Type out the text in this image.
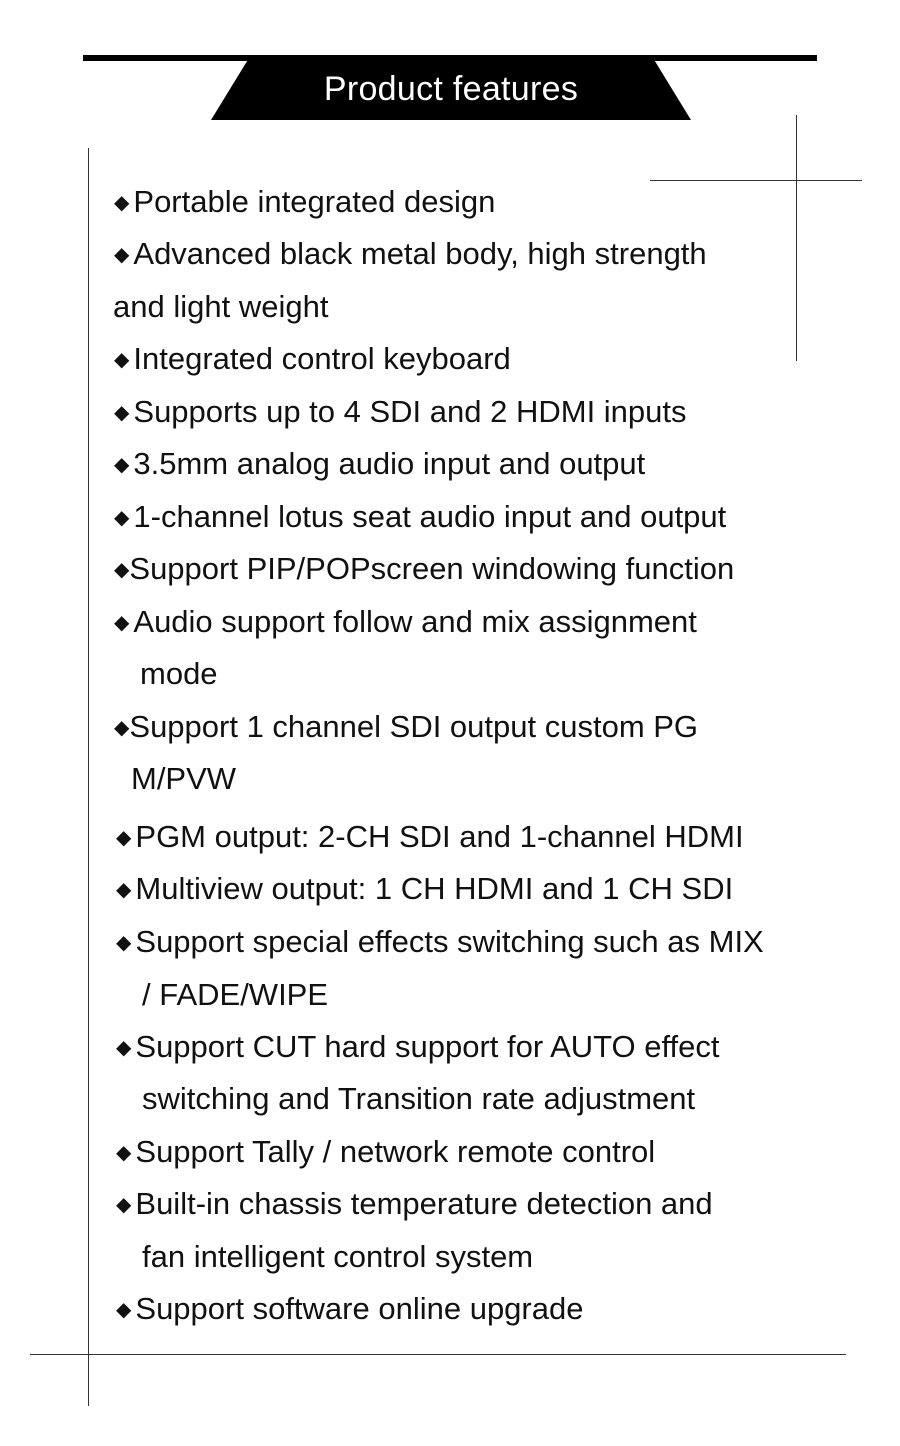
Product features
◆ Portable integrated design
◆ Advanced black metal body, high strength
and light weight
◆ Integrated control keyboard
◆ Supports up to 4 SDI and 2 HDMI inputs
◆ 3.5mm analog audio input and output
◆ 1-channel lotus seat audio input and output
◆Support PIP/POPscreen windowing function
◆ Audio support follow and mix assignment
mode
◆Support 1 channel SDI output custom PG
M/PVW
◆ PGM output: 2-CH SDI and 1-channel HDMI
◆ Multiview output: 1 CH HDMI and 1 CH SDI
◆ Support special effects switching such as MIX
/ FADE/WIPE
◆ Support CUT hard support for AUTO effect
switching and Transition rate adjustment
◆ Support Tally / network remote control
◆ Built-in chassis temperature detection and
fan intelligent control system
◆ Support software online upgrade
